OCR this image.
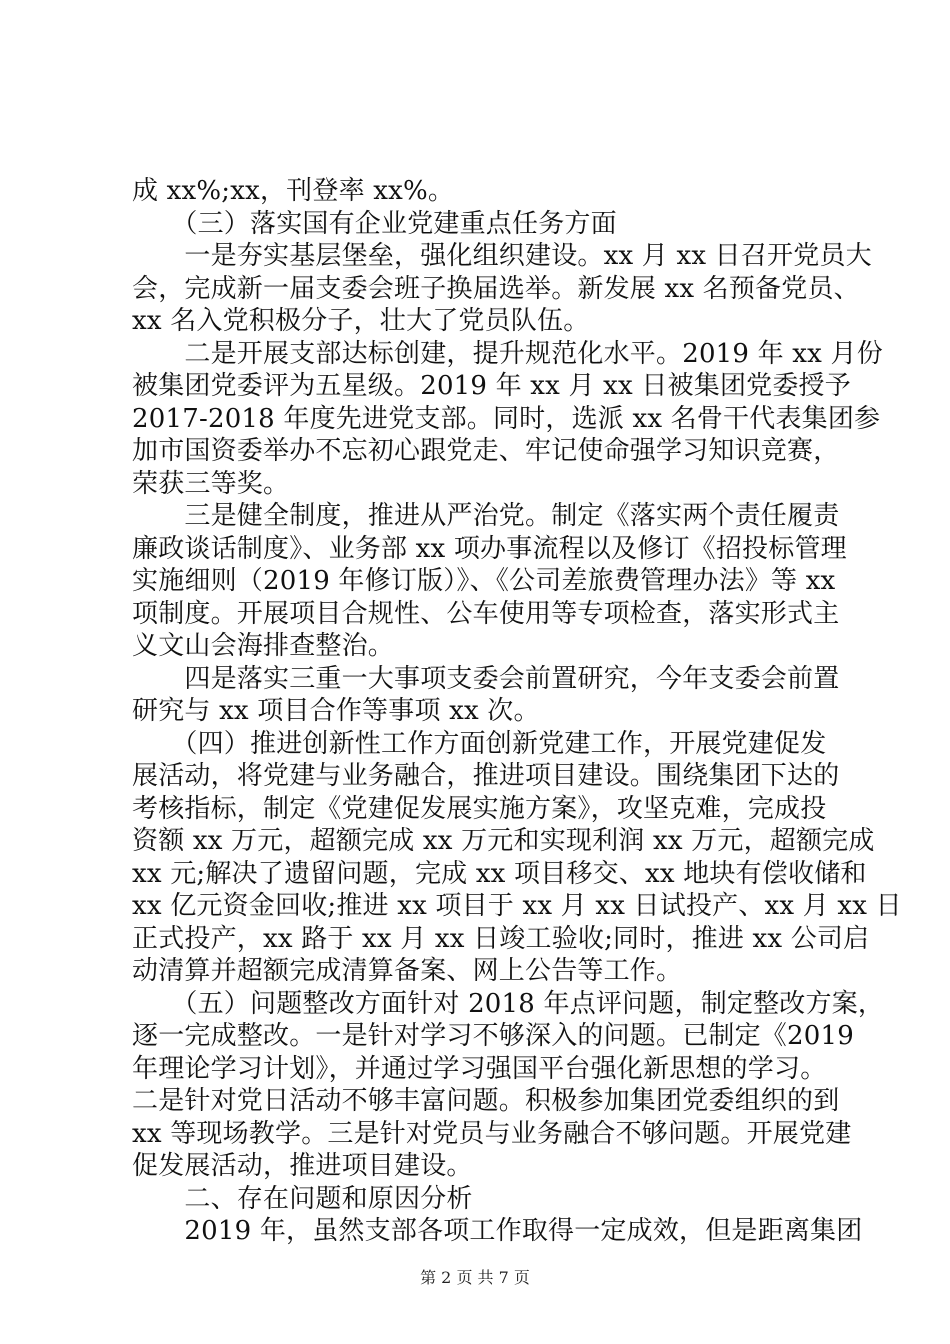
成 xx%;xx，刊登率 xx%。
　　（三）落实国有企业党建重点任务方面
　　一是夯实基层堡垒，强化组织建设。xx 月 xx 日召开党员大
会，完成新一届支委会班子换届选举。新发展 xx 名预备党员、
xx 名入党积极分子，壮大了党员队伍。
　　二是开展支部达标创建，提升规范化水平。2019 年 xx 月份
被集团党委评为五星级。2019 年 xx 月 xx 日被集团党委授予
2017-2018 年度先进党支部。同时，选派 xx 名骨干代表集团参
加市国资委举办不忘初心跟党走、牢记使命强学习知识竞赛，
荣获三等奖。
　　三是健全制度，推进从严治党。制定《落实两个责任履责
廉政谈话制度》、业务部 xx 项办事流程以及修订《招投标管理
实施细则（2019 年修订版）》、《公司差旅费管理办法》等 xx
项制度。开展项目合规性、公车使用等专项检查，落实形式主
义文山会海排查整治。
　　四是落实三重一大事项支委会前置研究，今年支委会前置
研究与 xx 项目合作等事项 xx 次。
　　（四）推进创新性工作方面创新党建工作，开展党建促发
展活动，将党建与业务融合，推进项目建设。围绕集团下达的
考核指标，制定《党建促发展实施方案》，攻坚克难，完成投
资额 xx 万元，超额完成 xx 万元和实现利润 xx 万元，超额完成
xx 元;解决了遗留问题，完成 xx 项目移交、xx 地块有偿收储和
xx 亿元资金回收;推进 xx 项目于 xx 月 xx 日试投产、xx 月 xx 日
正式投产，xx 路于 xx 月 xx 日竣工验收;同时，推进 xx 公司启
动清算并超额完成清算备案、网上公告等工作。
　　（五）问题整改方面针对 2018 年点评问题，制定整改方案，
逐一完成整改。一是针对学习不够深入的问题。已制定《2019
年理论学习计划》，并通过学习强国平台强化新思想的学习。
二是针对党日活动不够丰富问题。积极参加集团党委组织的到
xx 等现场教学。三是针对党员与业务融合不够问题。开展党建
促发展活动，推进项目建设。
　　二、存在问题和原因分析
　　2019 年，虽然支部各项工作取得一定成效，但是距离集团
第 2 页 共 7 页
